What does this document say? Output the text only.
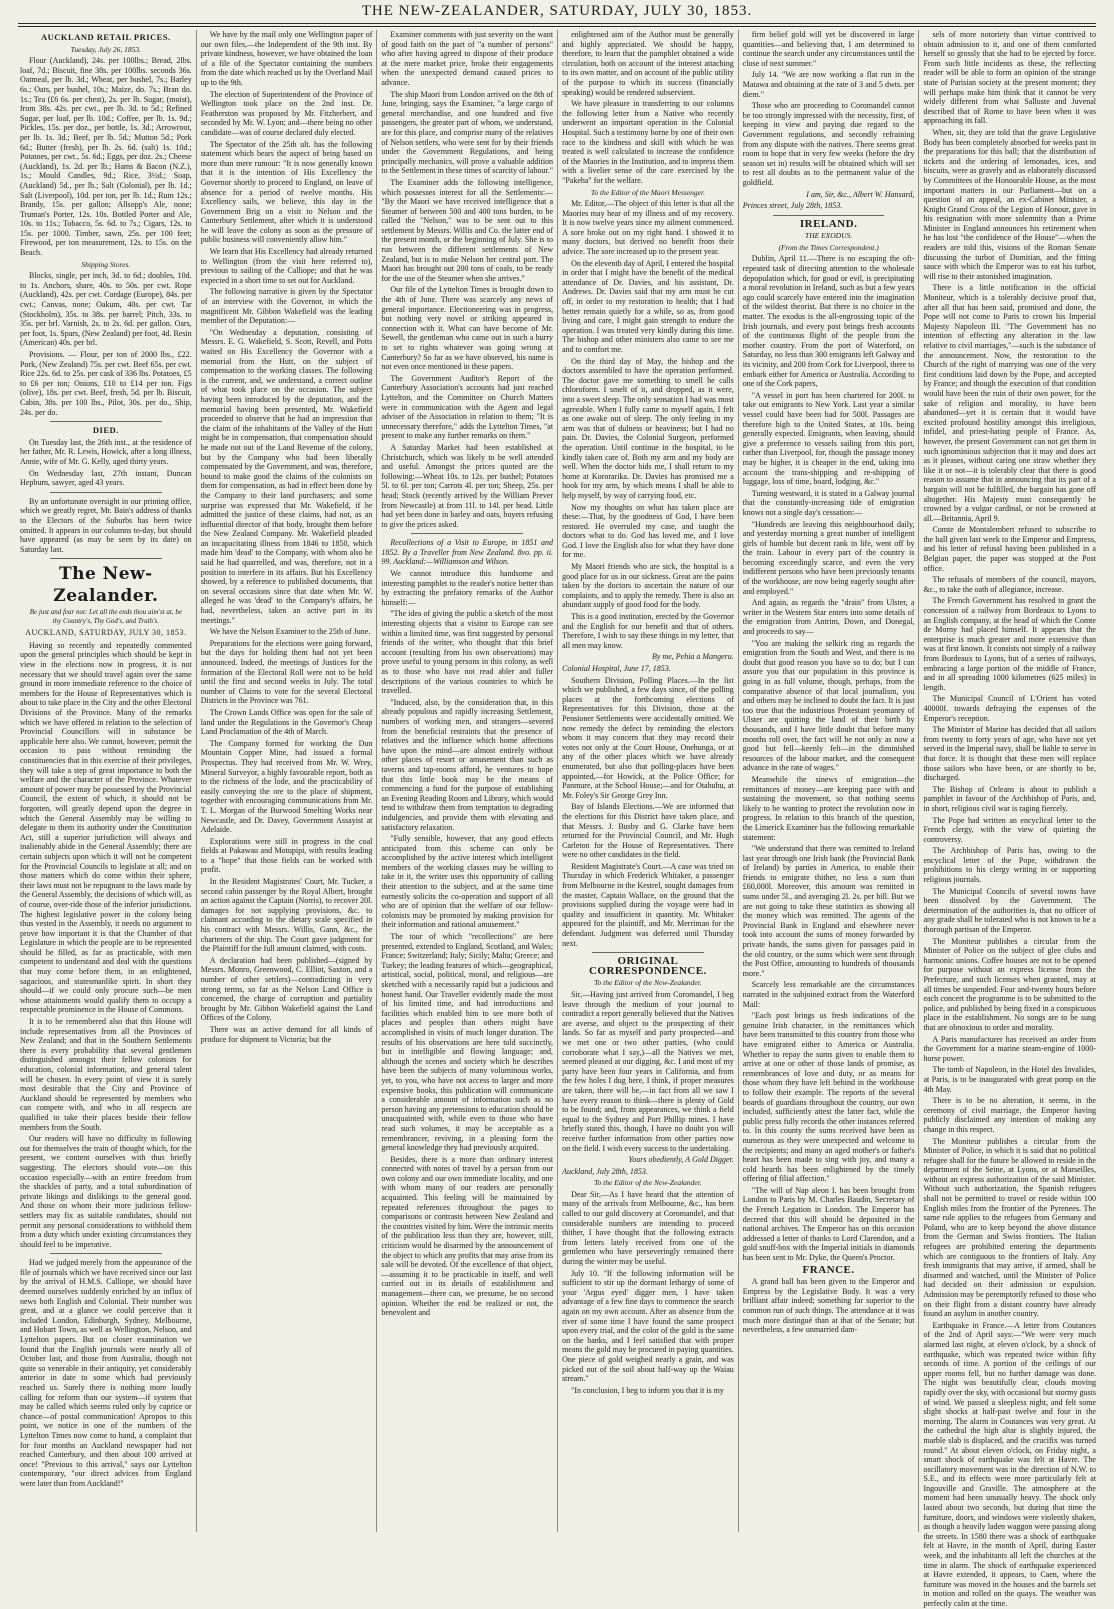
THE NEW-ZEALANDER, SATURDAY, JULY 30, 1853.
AUCKLAND RETAIL PRICES.
Tuesday, July 26, 1853.

Flour (Auckland), 24s. per 100lbs.; Bread, 2lbs. loaf, 7d.; Biscuit, fine 38s. per 100lbs. seconds 36s. Oatmeal, per lb. 3d.; Wheat, per bushel, 7s.; Barley 6s.; Oats, per bushel, 10s.; Maize, do. 7s.; Bran do. 1s.; Tea (£6 6s. per chest), 2s. per lb. Sugar, (moist), from 38s. 42s. per cwt., per lb. 3d. to 5d.; Refined Sugar, per loaf, per lb. 10d.; Coffee, per lb. 1s. 9d.; Pickles, 15s. per doz., per bottle, 1s. 3d.; Arrowroot, per lb. 1s. 3d.; Beef, per lb. 5d.; Mutton 5d.; Pork 6d.; Butter (fresh), per lb. 2s. 6d. (salt) 1s. 10d.; Potatoes, per cwt., 5s. 6d.; Eggs, per doz. 2s.; Cheese (Auckland), 1s. 2d. per lb.; Hams & Bacon (N.Z.), 1s.; Mould Candles, 9d.; Rice, 3½d.; Soap, (Auckland) 5d., per lb.; Salt (Colonial), per lb. 1d.; Salt (Liverpool), 10d. per ton, per lb. 1d.; Rum 12s.; Brandy, 15s. per gallon; Allsopp's Ale, none; Truman's Porter, 12s. 10s. Bottled Porter and Ale, 10s. to 11s.; Tobacco, 5s. 6d. to 7s.; Cigars, 12s. to 15s. per 1000. Timber, sawn, 25s. per 100 feet; Firewood, per ton measurement, 12s. to 15s. on the Beach.

Shipping Stores.

Blocks, single, per inch, 3d. to 6d.; doubles, 10d. to 1s. Anchors, share, 40s. to 50s. per cwt. Rope (Auckland), 42s. per cwt. Cordage (Europe), 84s. per cwt.; Canvas, none; Oakum, 40s. per cwt. Tar (Stockholm), 35s. to 38s. per barrel; Pitch, 33s. to 35s. per brl. Varnish, 2s. to 2s. 6d. per gallon. Oars, per foot, 1s. Spars, (New Zealand) per foot, 4d. Resin (American) 40s. per brl.

Provisions. — Flour, per ton of 2000 lbs., £22. Pork, (New Zealand) 75s. per cwt. Beef 65s. per cwt. Rice 22s. 6d. to 25s. per cask of 336 lbs. Potatoes, £5 to £6 per ton; Onions, £10 to £14 per ton. Figs (olive), 18s. per cwt. Beef, fresh, 5d. per lb. Biscuit, Cabin, 38s. per 100 lbs., Pilot, 30s. per do., Ship, 24s. per do.

DIED.

On Tuesday last, the 26th inst., at the residence of her father, Mr. R. Lewis, Howick, after a long illness, Annie, wife of Mr. G. Kelly, aged thirty years.

On Wednesday last, 27th instant, Duncan Hepburn, sawyer, aged 43 years.

By an unfortunate oversight in our printing office, which we greatly regret, Mr. Bain's address of thanks to the Electors of the Suburbs has been twice omitted. It appears in our columns to-day, but should have appeared (as may be seen by its date) on Saturday last.

The New-Zealander.
Be just and fear not: Let all the ends thou aim'st at, be thy Country's, Thy God's, and Truth's.
AUCKLAND, SATURDAY, JULY 30, 1853.

Having so recently and repeatedly commented upon the general principles which should be kept in view in the elections now in progress, it is not necessary that we should travel again over the same ground in more immediate reference to the choice of members for the House of Representatives which is about to take place in the City and the other Electoral Divisions of the Province. Many of the remarks which we have offered in relation to the selection of Provincial Councillors will in substance be applicable here also. We cannot, however, permit the occasion to pass without reminding the constituencies that in this exercise of their privileges, they will take a step of great importance to both the welfare and the character of the Province. Whatever amount of power may be possessed by the Provincial Council, the extent of which, it should not be forgotten, will greatly depend upon the degree in which the General Assembly may be willing to delegate to them its authority under the Constitution Act, still a superior jurisdiction will always and inalienably abide in the General Assembly; there are certain subjects upon which it will not be competent for the Provincial Councils to legislate at all; and on those matters which do come within their sphere, their laws must not be repugnant to the laws made by the General Assembly, the decisions of which will, as of course, over-ride those of the inferior jurisdictions. The highest legislative power in the colony being thus vested in the Assembly, it needs no argument to prove how important it is that the Chamber of that Legislature in which the people are to be represented should be filled, as far as practicable, with men competent to understand and deal with the questions that may come before them, in an enlightened, sagacious, and statesmanlike spirit. In short they should—if we could only procure such—be men whose attainments would qualify them to occupy a respectable prominence in the House of Commons.

It is to be remembered also that this House will include representatives from all the Provinces of New Zealand; and that in the Southern Settlements there is every probability that several gentlemen distinguished amongst their fellow colonists for education, colonial information, and general talent will be chosen. In every point of view it is surely most desirable that the City and Province of Auckland should be represented by members who can compete with, and who in all respects are qualified to take their places beside their fellow members from the South.

Our readers will have no difficulty in following out for themselves the train of thought which, for the present, we content ourselves with thus briefly suggesting. The electors should vote—on this occasion especially—with an entire freedom from the shackles of party, and a total subordination of private likings and dislikings to the general good. And those on whom their more judicious fellow-settlers may fix as suitable candidates, should not permit any personal considerations to withhold them from a duty which under existing circumstances they should feel to be imperative.

Had we judged merely from the appearance of the file of journals which we have received since our last by the arrival of H.M.S. Calliope, we should have deemed ourselves suddenly enriched by an influx of news both English and Colonial. Their number was great, and at a glance we could perceive that it included London, Edinburgh, Sydney, Melbourne, and Hobart Town, as well as Wellington, Nelson, and Lyttelton papers. But on closer examination we found that the English journals were nearly all of October last, and those from Australia, though not quite so venerable in their antiquity, yet considerably anterior in date to some which had previously reached us. Surely there is nothing more loudly calling for reform than our system—if system that may be called which seems ruled only by caprice or chance—of postal communication! Apropos to this point, we notice in one of the numbers of the Lyttelton Times now come to hand, a complaint that for four months an Auckland newspaper had not reached Canterbury, and then about 100 arrived at once! "Previous to this arrival," says our Lyttelton contemporary, "our direct advices from England were later than from Auckland!"

We have by the mail only one Wellington paper of our own files,—the Independent of the 9th inst. By private kindness, however, we have obtained the loan of a file of the Spectator containing the numbers from the date which reached us by the Overland Mail up to the 9th.

The election of Superintendent of the Province of Wellington took place on the 2nd inst. Dr. Featherston was proposed by Mr. Fitzherbert, and seconded by Mr. W. Lyon; and—there being no other candidate—was of course declared duly elected.

The Spectator of the 25th ult. has the following statement which bears the aspect of being based on more than mere rumour: "It is now generally known that it is the intention of His Excellency the Governor shortly to proceed to England, on leave of absence for a period of twelve months. His Excellency sails, we believe, this day in the Government Brig on a visit to Nelson and the Canterbury Settlement, after which it is understood he will leave the colony as soon as the pressure of public business will conveniently allow him."

We learn that His Excellency had already returned to Wellington (from the visit here referred to), previous to sailing of the Calliope; and that he was expected in a short time to set out for Auckland.

The following narrative is given by the Spectator of an interview with the Governor, in which the magnificent Mr. Gibbon Wakefield was the leading member of the Deputation:—

"On Wednesday a deputation, consisting of Messrs. E. G. Wakefield, S. Scott, Revell, and Potts waited on His Excellency the Governor with a memorial from the Hutt, on the subject of compensation to the working classes. The following is the current, and, we understand, a correct outline of what took place on the occasion. The subject having been introduced by the deputation, and the memorial having been presented, Mr. Wakefield proceeded to observe that he had an impression that the claim of the inhabitants of the Valley of the Hutt might be in compensation, that compensation should be made not out of the Land Revenue of the colony, but by the Company who had been liberally compensated by the Government, and was, therefore, bound to make good the claims of the colonists on them for compensation, as had in effect been done by the Company to their land purchasers; and some surprise was expressed that Mr. Wakefield, if he admitted the justice of these claims, had not, as an influential director of that body, brought them before the New Zealand Company. Mr. Wakefield pleaded an incapacitating illness from 1846 to 1850, which made him 'dead' to the Company, with whom also he said he had quarrelled, and was, therefore, not in a position to interfere in its affairs. But his Excellency showed, by a reference to published documents, that on several occasions since that date when Mr. W. alleged he was 'dead' to the Company's affairs, he had, nevertheless, taken an active part in its meetings."

We have the Nelson Examiner to the 25th of June.

Preparations for the elections were going forward, but the days for holding them had not yet been announced. Indeed, the meetings of Justices for the formation of the Electoral Roll were not to be held until the first and second weeks in July. The total number of Claims to vote for the several Electoral Districts in the Province was 761.

The Crown Lands Office was open for the sale of land under the Regulations in the Governor's Cheap Land Proclamation of the 4th of March.

The Company formed for working the Dun Mountain Copper Mine, had issued a formal Prospectus. They had received from Mr. W. Wrey, Mineral Surveyor, a highly favourable report, both as to the richness of the lode, and the practicability of easily conveying the ore to the place of shipment, together with encouraging communications from Mr. T. L. Morgan of the Burwood Smelting Works near Newcastle, and Dr. Davey, Government Assayist at Adelaide.

Explorations were still in progress in the coal fields at Pakawau and Motupipi, with results leading to a "hope" that those fields can be worked with profit.

In the Resident Magistrates' Court, Mr. Tucker, a second cabin passenger by the Royal Albert, brought an action against the Captain (Norris), to recover 20l. damages for not supplying provisions, &c. to claimant according to the dietary scale specified in his contract with Messrs. Willis, Gann, &c., the charterers of the ship. The Court gave judgment for the Plaintiff for the full amount claimed, with costs.

A declaration had been published—(signed by Messrs. Monro, Greenwood, C. Elliot, Saxton, and a number of other settlers)—contradicting in very strong terms, so far as the Nelson Land Office is concerned, the charge of corruption and partiality brought by Mr. Gibbon Wakefield against the Land Offices of the Colony.

There was an active demand for all kinds of produce for shipment to Victoria; but the

Examiner comments with just severity on the want of good faith on the part of "a number of persons" who after having agreed to dispose of their produce at the mere market price, broke their engagements when the unexpected demand caused prices to advance.

The ship Maori from London arrived on the 8th of June, bringing, says the Examiner, "a large cargo of general merchandise, and one hundred and five passengers, the greater part of whom, we understand, are for this place, and comprise many of the relatives of Nelson settlers, who were sent for by their friends under the Government Regulations, and being principally mechanics, will prove a valuable addition to the Settlement in these times of scarcity of labour."

The Examiner adds the following intelligence, which possesses interest for all the Settlements:— "By the Maori we have received intelligence that a Steamer of between 500 and 400 tons burden, to be called the "Nelson," was to be sent out to this settlement by Messrs. Willis and Co. the latter end of the present month, or the beginning of July. She is to run between the different settlements of New Zealand, but is to make Nelson her central port. The Maori has brought out 200 tons of coals, to be ready for the use of the Steamer when she arrives."

Our file of the Lyttelton Times is brought down to the 4th of June. There was scarcely any news of general importance. Electioneering was in progress, but nothing very novel or striking appeared in connection with it. What can have become of Mr. Sewell, the gentleman who came out in such a hurry to set to rights whatever was going wrong at Canterbury? So far as we have observed, his name is not even once mentioned in these papers.

The Government Auditor's Report of the Canterbury Association's accounts had just reached Lyttelton, and the Committee on Church Matters were in communication with the Agent and legal adviser of the Association in relation to them; "It is unnecessary therefore," adds the Lyttelton Times, "at present to make any further remarks on them."

A Saturday Market had been established at Christchurch, which was likely to be well attended and useful. Amongst the prices quoted are the following:—Wheat 10s. to 12s. per bushel; Potatoes 5l. to 6l. per ton; Carrots 4l. per ton; Sheep, 25s. per head; Stock (recently arrived by the William Prever from Newcastle) at from 11l. to 14l. per head. Little had yet been done in barley and oats, buyers refusing to give the prices asked.

Recollections of a Visit to Europe, in 1851 and 1852. By a Traveller from New Zealand. 8vo. pp. ii. 99. Auckland:—Williamson and Wilson.

We cannot introduce this handsome and interesting pamphlet to the reader's notice better than by extracting the prefatory remarks of the Author himself:—

"The idea of giving the public a sketch of the most interesting objects that a visitor to Europe can see within a limited time, was first suggested by personal friends of the writer, who thought that this brief account (resulting from his own observations) may prove useful to young persons in this colony, as well as to those who have not read abler and fuller descriptions of the various countries to which he travelled.

"Induced, also, by the consideration that, in this already populous and rapidly increasing Settlement, numbers of working men, and strangers—severed from the beneficial restraints that the presence of relatives and the influence which home affections have upon the mind—are almost entirely without other places of resort or amusement than such as taverns and tap-rooms afford, he ventures to hope that this little book may be the means of commencing a fund for the purpose of establishing an Evening Reading Room and Library, which would tend to withdraw them from temptation to degrading indulgencies, and provide them with elevating and satisfactory relaxation.

"Fully sensible, however, that any good effects anticipated from this scheme can only be accomplished by the active interest which intelligent members of the working classes may be willing to take in it, the writer uses this opportunity of calling their attention to the subject, and at the same time earnestly solicits the co-operation and support of all who are of opinion that the welfare of our fellow-colonists may be promoted by making provision for their information and rational amusement."

The tour of which "recollections" are here presented, extended to England, Scotland, and Wales; France; Switzerland; Italy; Sicily; Malta; Greece; and Turkey; the leading features of which—geographical, artistical, social, political, moral, and religious—are sketched with a necessarily rapid but a judicious and honest hand. Our Traveller evidently made the most of his limited time, and had introductions and facilities which enabled him to see more both of places and peoples than others might have accomplished in visits of much longer duration. The results of his observations are here told succinctly, but in intelligible and flowing language; and, although the scenes and society which he describes have been the subjects of many voluminous works, yet, to you, who have not access to larger and more expensive books, this publication will communicate a considerable amount of information such as no person having any pretensions to education should be unacquainted with, while even to those who have read such volumes, it may be acceptable as a remembrancer, reviving, in a pleasing form the general knowledge they had previously acquired.

Besides, there is a more than ordinary interest connected with notes of travel by a person from our own colony and our own immediate locality, and one with whom many of our readers are personally acquainted. This feeling will be maintained by repeated references throughout the pages to comparisons or contrasts between New Zealand and the countries visited by him. Were the intrinsic merits of the publication less than they are, however, still, criticism would be disarmed by the announcement of the object to which any profits that may arise from its sale will be devoted. Of the excellence of that object, —assuming it to be practicable in itself, and well carried out in its details of establishment and management—there can, we presume, be no second opinion. Whether the end be realized or not, the benevolent and

enlightened aim of the Author must be generally and highly appreciated. We should be happy, therefore, to learn that the pamphlet obtained a wide circulation, both on account of the interest attaching to its own matter, and on account of the public utility of the purpose to which its success (financially speaking) would be rendered subservient.

We have pleasure in transferring to our columns the following letter from a Native who recently underwent an important operation in the Colonial Hospital. Such a testimony borne by one of their own race to the kindness and skill with which he was treated is well calculated to increase the confidence of the Maories in the Institution, and to impress them with a livelier sense of the care exercised by the "Pakeha" for the welfare.

To the Editor of the Maori Messenger.

Mr. Editor,—The object of this letter is that all the Maories may hear of my illness and of my recovery. It is now twelve years since my ailment commenced. A sore broke out on my right hand. I showed it to many doctors, but derived no benefit from their advice. The sore increased up to the present year.

On the eleventh day of April, I entered the hospital in order that I might have the benefit of the medical attendance of Dr. Davies, and his assistant, Dr. Andrews. Dr. Davies said that my arm must be cut off, in order to my restoration to health; that I had better remain quietly for a while, so as, from good living and care, I might gain strength to endure the operation. I was treated very kindly during this time. The bishop and other ministers also came to see me and to comfort me.

On the third day of May, the bishop and the doctors assembled to have the operation performed. The doctor gave me something to smell he calls chloroform. I smelt of it, and dropped, as it were, into a sweet sleep. The only sensation I had was most agreeable. When I fully came to myself again, I felt as one awake out of sleep. The only feeling in my arm was that of dulness or heaviness; but I had no pain. Dr. Davies, the Colonial Surgeon, performed the operation. Until continue in the hospital, to be kindly taken care of. Both my arm and my body are well. When the doctor bids me, I shall return to my home at Kororarika. Dr. Davies has promised me a hook for my arm, by which means I shall be able to help myself, by way of carrying food, etc.

Now my thoughts on what has taken place are these:—That, by the goodness of God, I have been restored. He overruled my case, and taught the doctors what to do. God has loved me, and I love God. I love the English also for what they have done for me.

My Maori friends who are sick, the hospital is a good place for us in our sickness. Great are the pains taken by the doctors to ascertain the nature of our complaints, and to apply the remedy. There is also an abundant supply of good food for the body.

This is a good institution, erected by the Governor and the English for our benefit and that of others. Therefore, I wish to say these things in my letter, that all men may know.

By me, Pehia a Mangeru.

Colonial Hospital, June 17, 1853.

Southern Division, Polling Places.—In the list which we published, a few days since, of the polling places at the forthcoming elections of Representatives for this Division, those at the Pensioner Settlements were accidentally omitted. We now remedy the defect by reminding the electors whom it may concern that they may record their votes not only at the Court House, Onehunga, or at any of the other places which we have already enumerated, but also that polling-places have been appointed,—for Howick, at the Police Office; for Panmure, at the School House;—and for Otahuhu, at Mr. Foley's Sir George Grey Inn.

Bay of Islands Elections.—We are informed that the elections for this District have taken place, and that Messrs. J. Busby and G. Clarke have been returned for the Provincial Council, and Mr. Hugh Carleton for the House of Representatives. There were no other candidates in the field.

Resident Magistrate's Court.—A case was tried on Thursday in which Frederick Whitaker, a passenger from Melbourne in the Kestrel, sought damages from the master, Captain Wallace, on the ground that the provisions supplied during the voyage were bad in quality and insufficient in quantity. Mr. Whitaker appeared for the plaintiff, and Mr. Merriman for the defendant. Judgment was deferred until Thursday next.

ORIGINAL CORRESPONDENCE.
To the Editor of the New-Zealander.

Sir,—Having just arrived from Coromandel, I beg leave through the medium of your journal to contradict a report generally believed that the Natives are averse, and object to the prospecting of their lands. So far as myself and party prospected—and we met one or two other parties, (who could corroborate what I say,)—all the Natives we met, seemed pleased at our digging, &c. I and most of my party have been four years in California, and from the few holes I dug here, I think, if proper measures are taken, there will be,—in fact from all we saw I have every reason to think—there is plenty of Gold to be found; and, from appearances, we think a field equal to the Sydney and Port Phillip mines. I have briefly stated this, though, I have no doubt you will receive further information from other parties now on the field. I wish every success to the undertaking.

Yours obediently, A Gold Digger.

Auckland, July 28th, 1853.

To the Editor of the New-Zealander.

Dear Sir,—As I have heard that the attention of many of the arrivals from Melbourne, &c., has been called to our gold discovery at Coromandel, and that considerable numbers are intending to proceed thither, I have thought that the following extracts from letters lately received from one of the gentlemen who have perseveringly remained there during the winter may be useful.

July 10. "If the following information will be sufficient to stir up the dormant lethargy of some of your 'Argus eyed' digger men, I have taken advantage of a few fine days to commence the search again on my own account. After an absence from the river of some time I have found the same prospect upon every trial, and the color of the gold is the same on the banks, and I feel satisfied that with proper means the gold may be procured in paying quantities. One piece of gold weighed nearly a grain, and was picked out of the soil about half-way up the Waiau stream."

"In conclusion, I beg to inform you that it is my

firm belief gold will yet be discovered in large quantities—and believing that, I am determined to continue the search under any circumstances until the close of next summer."

July 14. "We are now working a flat run in the Matawa and obtaining at the rate of 3 and 5 dwts. per diem."

Those who are proceeding to Coromandel cannot be too strongly impressed with the necessity, first, of keeping in view and paying due regard to the Government regulations, and secondly refraining from any dispute with the natives. There seems great room to hope that in very few weeks (before the dry season set in) results will be obtained which will set to rest all doubts as to the permanent value of the goldfield.

I am, Sir, &c., Albert W. Hansard,

Princes street, July 28th, 1853.

IRELAND.
THE EXODUS.
(From the Times Correspondent.)

Dublin, April 11.—There is no escaping the oft-repeated task of directing attention to the wholesale depopulation which, for good or evil, is precipitating a moral revolution in Ireland, such as but a few years ago could scarcely have entered into the imagination of the wildest theorist. But there is no choice in the matter. The exodus is the all-engrossing topic of the Irish journals, and every post brings fresh accounts of the continuous flight of the people from the mother country. From the port of Waterford, on Saturday, no less than 300 emigrants left Galway and its vicinity, and 200 from Cork for Liverpool, there to embark either for America or Australia. According to one of the Cork papers,

"A vessel in port has been chartered for 200l. to take out emigrants to New York. Last year a similar vessel could have been had for 500l. Passages are therefore high to the United States, at 10s. being generally expected. Emigrants, when leaving, should give a preference to vessels sailing from this port, rather than Liverpool, for, though the passage money may be higher, it is cheaper in the end, taking into account the trans-shipping and re-shipping of luggage, loss of time, board, lodging, &c."

Turning westward, it is stated in a Galway journal that the constantly-increasing tide of emigration knows not a single day's cessation:—

"Hundreds are leaving this neighbourhood daily, and yesterday morning a great number of intelligent girls of humble but decent rank in life, went off by the train. Labour in every part of the country is becoming exceedingly scarce, and even the very indifferent persons who have been previously tenants of the workhouse, are now being eagerly sought after and employed."

And again, as regards the "drain" from Ulster, a writer in the Western Star enters into some details of the emigration from Antrim, Down, and Donegal, and proceeds to say—

"You are making the selkirk ring as regards the emigration from the South and West, and there is no doubt that good reason you have so to do; but I can assure you that our population in this province is going in as full volume, though, perhaps, from the comparative absence of that local journalism, you and others may be inclined to doubt the fact. It is just too true that the industrious Protestant yeomanry of Ulster are quitting the land of their birth by thousands, and I have little doubt that before many months roll over, the fact will be not only as now a good but fell—keenly felt—in the diminished resources of the labour market, and the consequent advance in the rate of wages."

Meanwhile the sinews of emigration—the remittances of money—are keeping pace with and sustaining the movement, so that nothing seems likely to be wanting to protect the revolution now in progress. In relation to this branch of the question, the Limerick Examiner has the following remarkable statement:

"We understand that there was remitted to Ireland last year through one Irish bank (the Provincial Bank of Ireland) by parties in America, to enable their friends to emigrate thither, no less a sum than £60,000l. Moreover, this amount was remitted in sums under 5l., and averaging 2l. 2s. per bill. But we are not going to take these statistics as showing all the money which was remitted. The agents of the Provincial Bank in England and elsewhere never took into account the sums of money forwarded by private hands, the sums given for passages paid in the old country, or the sums which were sent through the Post Office, amounting to hundreds of thousands more."

Scarcely less remarkable are the circumstances narrated in the subjoined extract from the Waterford Mail:

"Each post brings us fresh indications of the genuine Irish character, in the remittances which have been transmitted to this country from those who have emigrated either to America or Australia. Whether to repay the sums given to enable them to arrive at one or other of those lands of promise, as remembrances of love and duty, or as means for those whom they have left behind in the workhouse to follow their example. The reports of the several boards of guardians throughout the country, our own included, sufficiently attest the latter fact, while the public press fully records the other instances referred to. In this county the sums received have been as numerous as they were unexpected and welcome to the recipients; and many an aged mother's or father's heart has been made to sing with joy, and many a cold hearth has been enlightened by the timely offering of filial affection."

"The will of Nap aleon I. has been brought from London to Paris by M. Charles Baudin, Secretary of the French Legation in London. The Emperor has decreed that this will should be deposited in the national archives. The Emperor has on this occasion addressed a letter of thanks to Lord Clarendon, and a gold snuff-box with the Imperial initials in diamonds has been sent to Mr. Dyke, the Queen's Proctor.

FRANCE.

A grand ball has been given to the Emperor and Empress by the Legislative Body. It was a very brilliant affair indeed; something far superior to the common run of such things. The attendance at it was much more distingué than at that of the Senate; but nevertheless, a few unmarried dam-

sels of more notoriety than virtue contrived to obtain admission to it, and one of them comforted herself so grossly that she had to be ejected by force. From such little incidents as these, the reflecting reader will be able to form an opinion of the strange state of Parisian society at the present moment; they will perhaps make him think that it cannot be very widely different from what Salluste and Juvenal described that of Rome to have been when it was approaching its fall.

When, sir, they are told that the grave Legislative Body has been completely absorbed for weeks past in the preparations for this ball; that the distribution of tickets and the ordering of lemonades, ices, and biscuits, were as gravely and as elaborately discussed by Committees of the Honourable House, as the most important matters in our Parliament—but on a question of an appeal, an ex-Cabinet Minister, a Knight Grand Cross of the Legion of Honour, gave in his resignation with more solemnity than a Prime Minister in England announces his retirement when he has lost "the confidence of the House"—when the readers are told this, visions of the Roman Senate discussing the turbot of Domitian, and the fitting sauce with which the Emperor was to eat his turbot, will rise to their astonished imagination.

There is a little notification in the official Moniteur, which is a tolerably decisive proof that, after all that has been said, promised and done, the Pope will not come to Paris to crown his Imperial Majesty Napoleon III. "The Government has no intention of effecting any alteration in the law relative to civil marriages,"—such is the substance of the announcement. Now, the restoration to the Church of the right of marrying was one of the very first conditions laid down by the Pope, and accepted by France; and though the execution of that condition would have been the ruin of their own power, for the sake of religion and morality, to have been abandoned—yet it is certain that it would have excited profound hostility amongst this irreligious, infidel, and priest-hating people of France. As, however, the present Government can not get them in such ignominious subjection that it may and does act as it pleases, without caring one straw whether they like it or not—it is tolerably clear that there is good reason to assume that in announcing that its part of a bargain will not be fulfilled, the bargain has gone off altogether. His Majesty must consequently be crowned by a vulgar cardinal, or not be crowned at all.—Britannia, April 9.

Comte de Montalembert refused to subscribe to the ball given last week to the Emperor and Empress, and his letter of refusal having been published in a Belgian paper, the paper was stopped at the Post office.

The refusals of members of the council, mayors, &c., to take the oath of allegiance, increase.

The French Government has resolved to grant the concession of a railway from Bordeaux to Lyons to an English company, at the head of which the Comte de Morny had placed himself. It appears that the enterprise is much greater and more extensive than was at first known. It consists not simply of a railway from Bordeaux to Lyons, but of a series of railways, embracing a large portion of the middle of France, and in all spreading 1000 kilometres (625 miles) in length.

The Municipal Council of L'Orient has voted 40000f. towards defraying the expenses of the Emperor's reception.

The Minister of Marine has decided that all sailors from twenty to forty years of age, who have not yet served in the Imperial navy, shall be liable to serve in that force. It is thought that these men will replace those sailors who have been, or are shortly to be, discharged.

The Bishop of Orleans is about to publish a pamphlet in favour of the Archbishop of Paris, and, in short, religious civil war is raging fiercely.

The Pope had written an encyclical letter to the French clergy, with the view of quieting the controversy.

The Archbishop of Paris has, owing to the encyclical letter of the Pope, withdrawn the prohibitions to his clergy writing in or supporting religious journals.

The Municipal Councils of several towns have been dissolved by the Government. The determination of the authorities is, that no officer of any grade shall be tolerated who is not known to be a thorough partisan of the Emperor.

The Moniteur publishes a circular from the Minister of Police on the subject of glee clubs and harmonic unions. Coffee houses are not to be opened for purpose without an express license from the Prefecture, and such licenses when granted, may at all times be suspended. Four and-twenty hours before each concert the programme is to be submitted to the police, and published by being fixed in a conspicuous place in the establishment. No songs are to be sung that are obnoxious to order and morality.

A Paris manufacturer has received an order from the Government for a marine steam-engine of 1000-horse power.

The tomb of Napoleon, in the Hotel des Invalides, at Paris, is to be inaugurated with great pomp on the 4th May.

There is to be no alteration, it seems, in the ceremony of civil marriage, the Emperor having publicly disclaimed any intention of making any change in this respect.

The Moniteur publishes a circular from the Minister of Police, in which it is said that no political refugee shall for the future be allowed to reside in the department of the Seine, at Lyons, or at Marseilles, without an express authorization of the said Minister. Without such authorization, the Spanish refugees shall not be permitted to travel or reside within 100 English miles from the frontier of the Pyrenees. The same rule applies to the refugees from Germany and Poland, who are to keep beyond the above distance from the German and Swiss frontiers. The Italian refugees are prohibited entering the departments which are contiguous to the frontiers of Italy. Any fresh immigrants that may arrive, if armed, shall be disarmed and watched, until the Minister of Police had decided on their admission or expulsion. Admission may be peremptorily refused to those who on their flight from a distant country have already found an asylum in another country.

Earthquake in France.—A letter from Coutances of the 2nd of April says:—"We were very much alarmed last night, at eleven o'clock, by a shock of earthquake, which was repeated twice within fifty seconds of time. A portion of the ceilings of our upper rooms fell, but no further damage was done. The night was beautifully clear, clouds moving rapidly over the sky, with occasional but stormy gusts of wind. We passed a sleepless night, and felt some slight shocks at half-past twelve and four in the morning. The alarm in Coutances was very great. At the cathedral the high altar is slightly injured, the marble slab is displaced, and the crucifix was turned round." At about eleven o'clock, on Friday night, a smart shock of earthquake was felt at Havre. The oscillatory movement was in the direction of N.W. to S.E., and its effects were more particularly felt at Ingouville and Graville. The atmosphere at the moment had been unusually heavy. The shock only lasted about two seconds, but during that time the furniture, doors, and windows were violently shaken, as though a heavily laden waggon were passing along the streets. In 1580 there was a shock of earthquake felt at Havre, in the month of April, during Easter week, and the inhabitants all left the churches at the time in alarm. The shock of earthquake experienced at Havre extended, it appears, to Caen, where the furniture was moved in the houses and the barrels set in motion and rolled on the quays. The weather was perfectly calm at the time.
